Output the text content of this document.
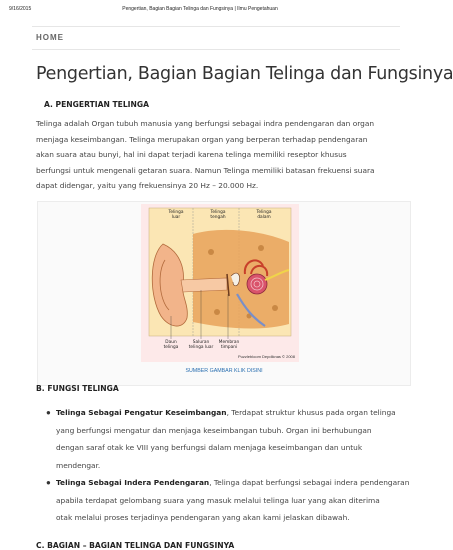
9/16/2015	Pengertian, Bagian Bagian Telinga dan Fungsinya | Ilmu Pengetahuan
HOME
Pengertian, Bagian Bagian Telinga dan Fungsinya
A. PENGERTIAN TELINGA
Telinga adalah Organ tubuh manusia yang berfungsi sebagai indra pendengaran dan organ
menjaga keseimbangan. Telinga merupakan organ yang berperan terhadap pendengaran
akan suara atau bunyi, hal ini dapat terjadi karena telinga memiliki reseptor khusus
berfungsi untuk mengenali getaran suara. Namun Telinga memiliki batasan frekuensi suara
dapat didengar, yaitu yang frekuensinya 20 Hz – 20.000 Hz.
Telinga
luar
Telinga
tengah
Telinga
dalam
Daun
telinga
Saluran
telinga luar
Membran
timpani
Puzzlebloom Depdiknas © 2008
SUMBER GAMBAR KLIK DISINI
B. FUNGSI TELINGA
● Telinga Sebagai Pengatur Keseimbangan, Terdapat struktur khusus pada organ telinga
yang berfungsi mengatur dan menjaga keseimbangan tubuh. Organ ini berhubungan
dengan saraf otak ke VIII yang berfungsi dalam menjaga keseimbangan dan untuk
mendengar.
● Telinga Sebagai Indera Pendengaran, Telinga dapat berfungsi sebagai indera pendengaran
apabila terdapat gelombang suara yang masuk melalui telinga luar yang akan diterima
otak melalui proses terjadinya pendengaran yang akan kami jelaskan dibawah.
C. BAGIAN – BAGIAN TELINGA DAN FUNGSINYA
